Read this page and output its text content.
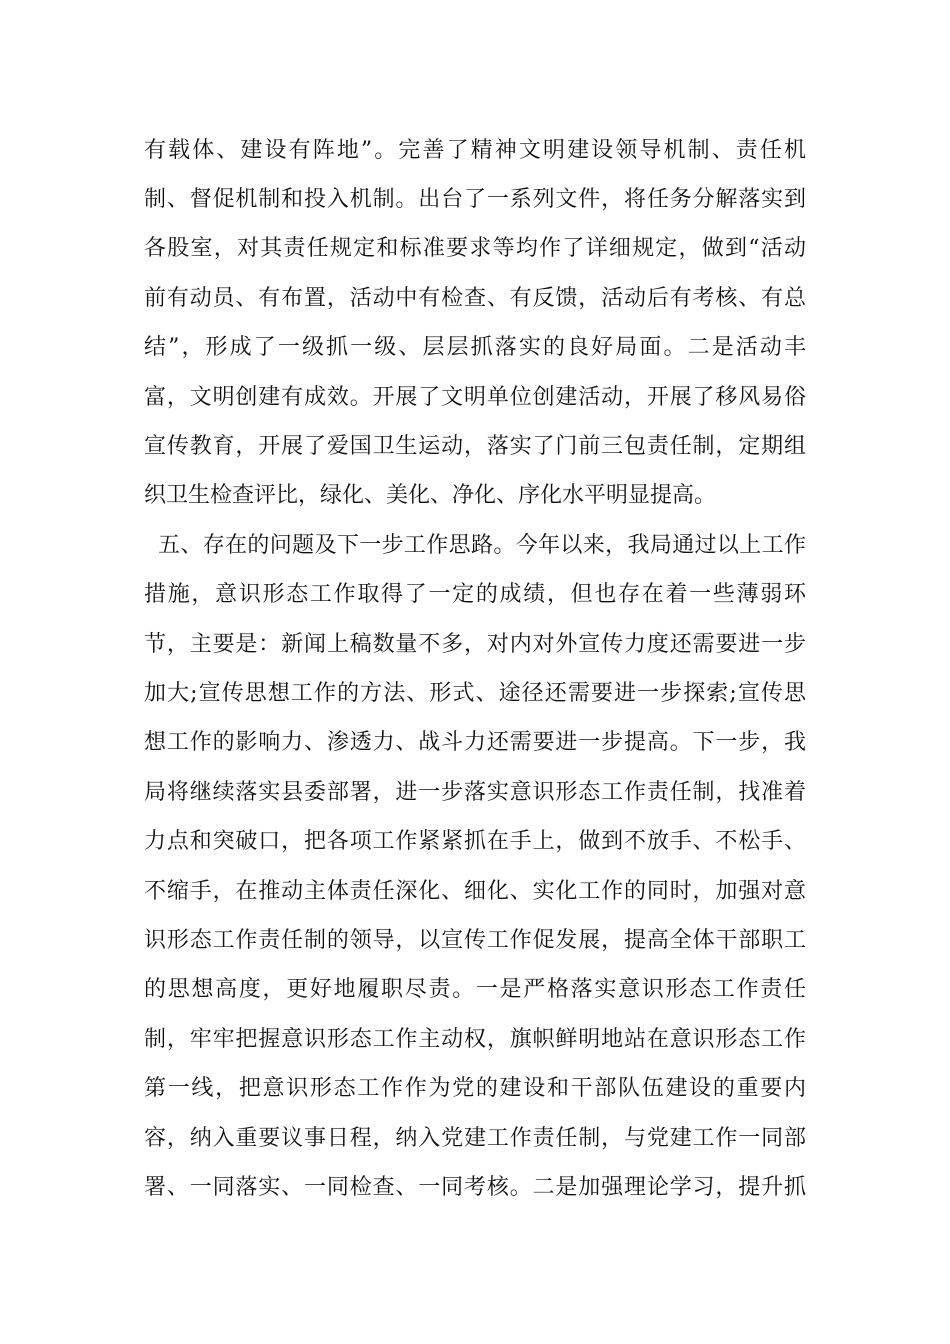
有载体、建设有阵地”。完善了精神文明建设领导机制、责任机
制、督促机制和投入机制。出台了一系列文件，将任务分解落实到
各股室，对其责任规定和标准要求等均作了详细规定，做到“活动
前有动员、有布置，活动中有检查、有反馈，活动后有考核、有总
结”，形成了一级抓一级、层层抓落实的良好局面。二是活动丰
富，文明创建有成效。开展了文明单位创建活动，开展了移风易俗
宣传教育，开展了爱国卫生运动，落实了门前三包责任制，定期组
织卫生检查评比，绿化、美化、净化、序化水平明显提高。
五、存在的问题及下一步工作思路。今年以来，我局通过以上工作
措施，意识形态工作取得了一定的成绩，但也存在着一些薄弱环
节，主要是：新闻上稿数量不多，对内对外宣传力度还需要进一步
加大;宣传思想工作的方法、形式、途径还需要进一步探索;宣传思
想工作的影响力、渗透力、战斗力还需要进一步提高。下一步，我
局将继续落实县委部署，进一步落实意识形态工作责任制，找准着
力点和突破口，把各项工作紧紧抓在手上，做到不放手、不松手、
不缩手，在推动主体责任深化、细化、实化工作的同时，加强对意
识形态工作责任制的领导，以宣传工作促发展，提高全体干部职工
的思想高度，更好地履职尽责。一是严格落实意识形态工作责任
制，牢牢把握意识形态工作主动权，旗帜鲜明地站在意识形态工作
第一线，把意识形态工作作为党的建设和干部队伍建设的重要内
容，纳入重要议事日程，纳入党建工作责任制，与党建工作一同部
署、一同落实、一同检查、一同考核。二是加强理论学习，提升抓
